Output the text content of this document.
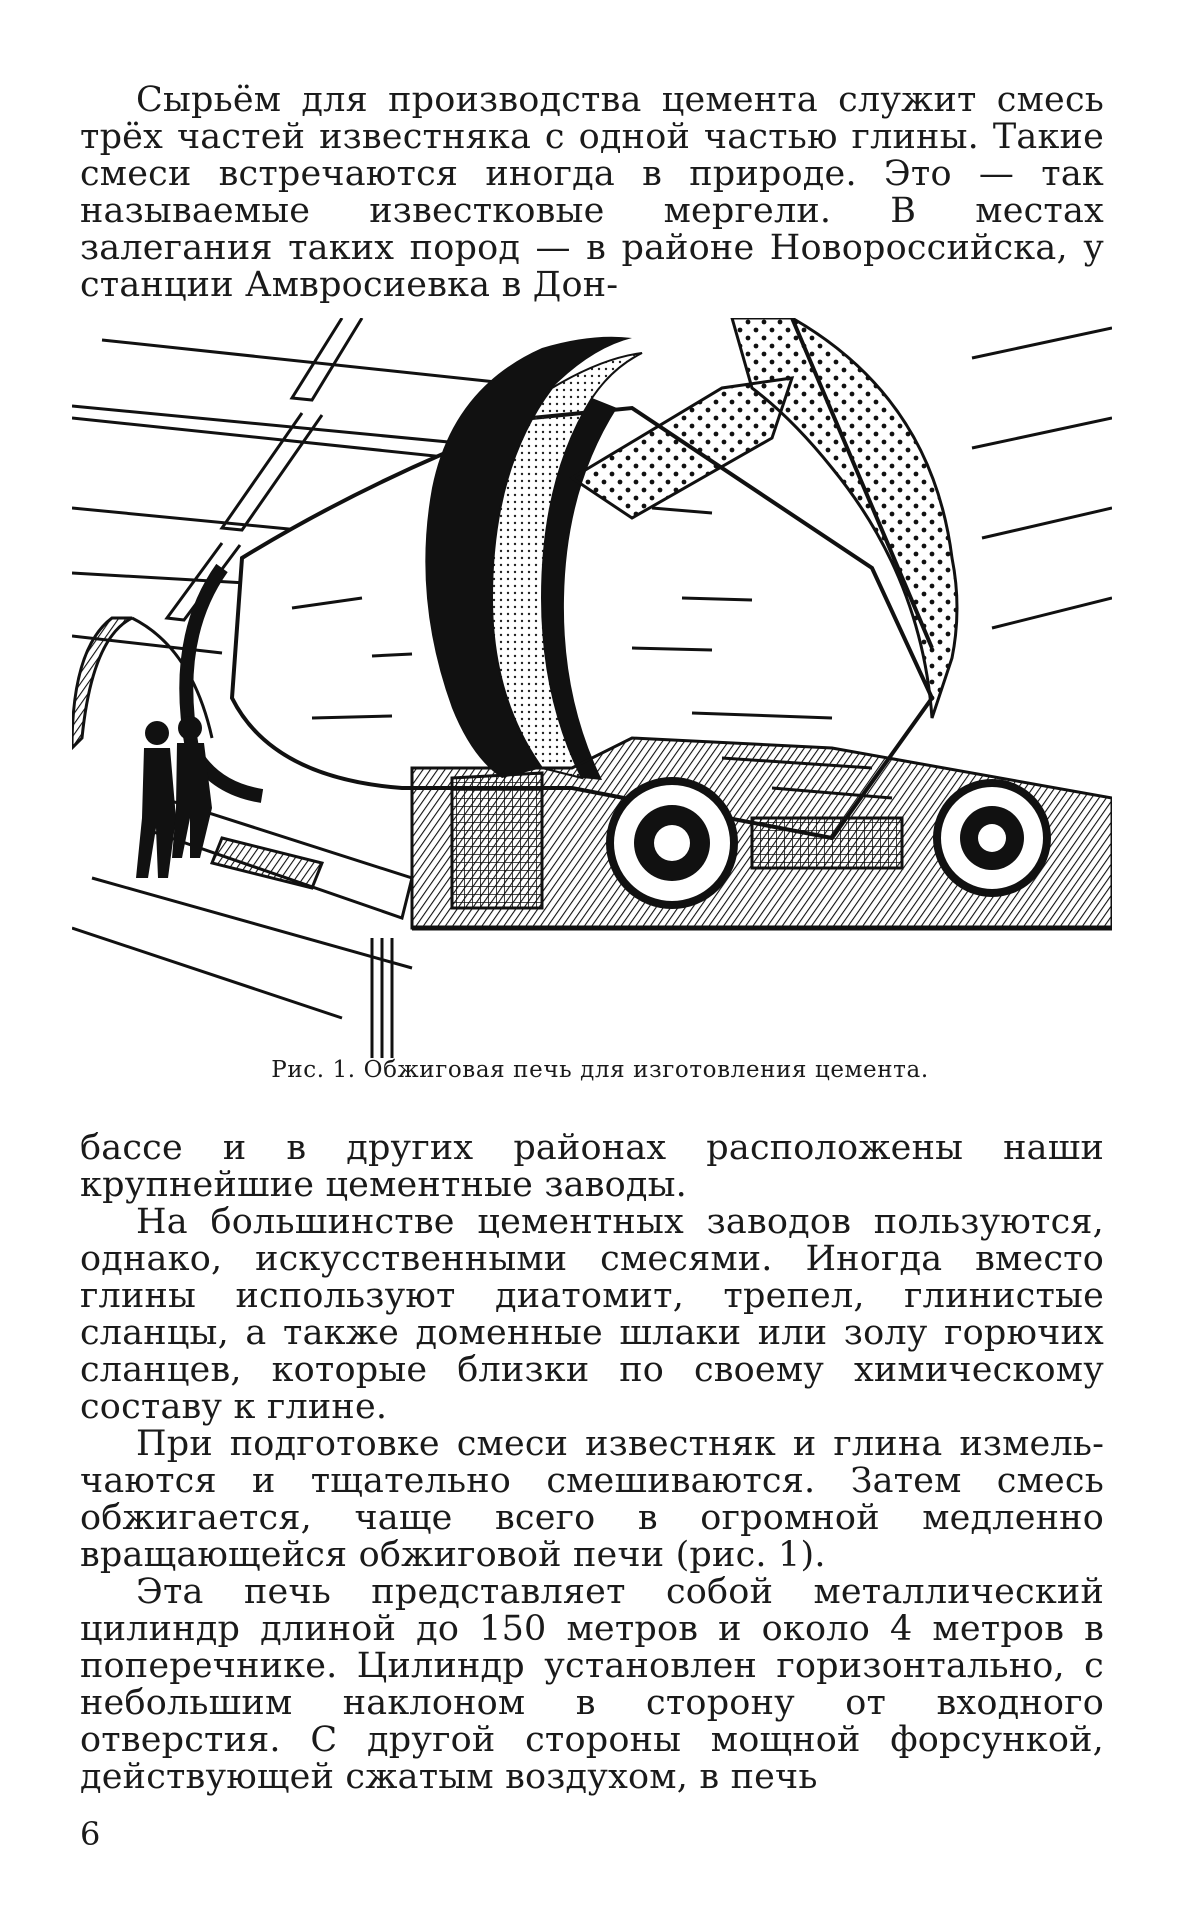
Сырьём для производства цемента служит смесь трёх частей известняка с одной частью глины. Такие смеси встречаются иногда в природе. Это — так называемые известковые мергели. В местах залегания таких пород — в районе Новороссийска, у станции Амвросиевка в Дон-

Рис. 1. Обжиговая печь для изготовления цемента.

бассе и в других районах расположены наши крупнейшие цементные заводы.

На большинстве цементных заводов пользуются, однако, искусственными смесями. Иногда вместо глины используют диатомит, трепел, глинистые сланцы, а также доменные шлаки или золу горючих сланцев, которые близки по своему химическому составу к глине.

При подготовке смеси известняк и глина измельчаются и тщательно смешиваются. Затем смесь обжигается, чаще всего в огромной медленно вращающейся обжиговой печи (рис. 1).

Эта печь представляет собой металлический цилиндр длиной до 150 метров и около 4 метров в поперечнике. Цилиндр установлен горизонтально, с небольшим наклоном в сторону от входного отверстия. С другой стороны мощной форсункой, действующей сжатым воздухом, в печь

6
